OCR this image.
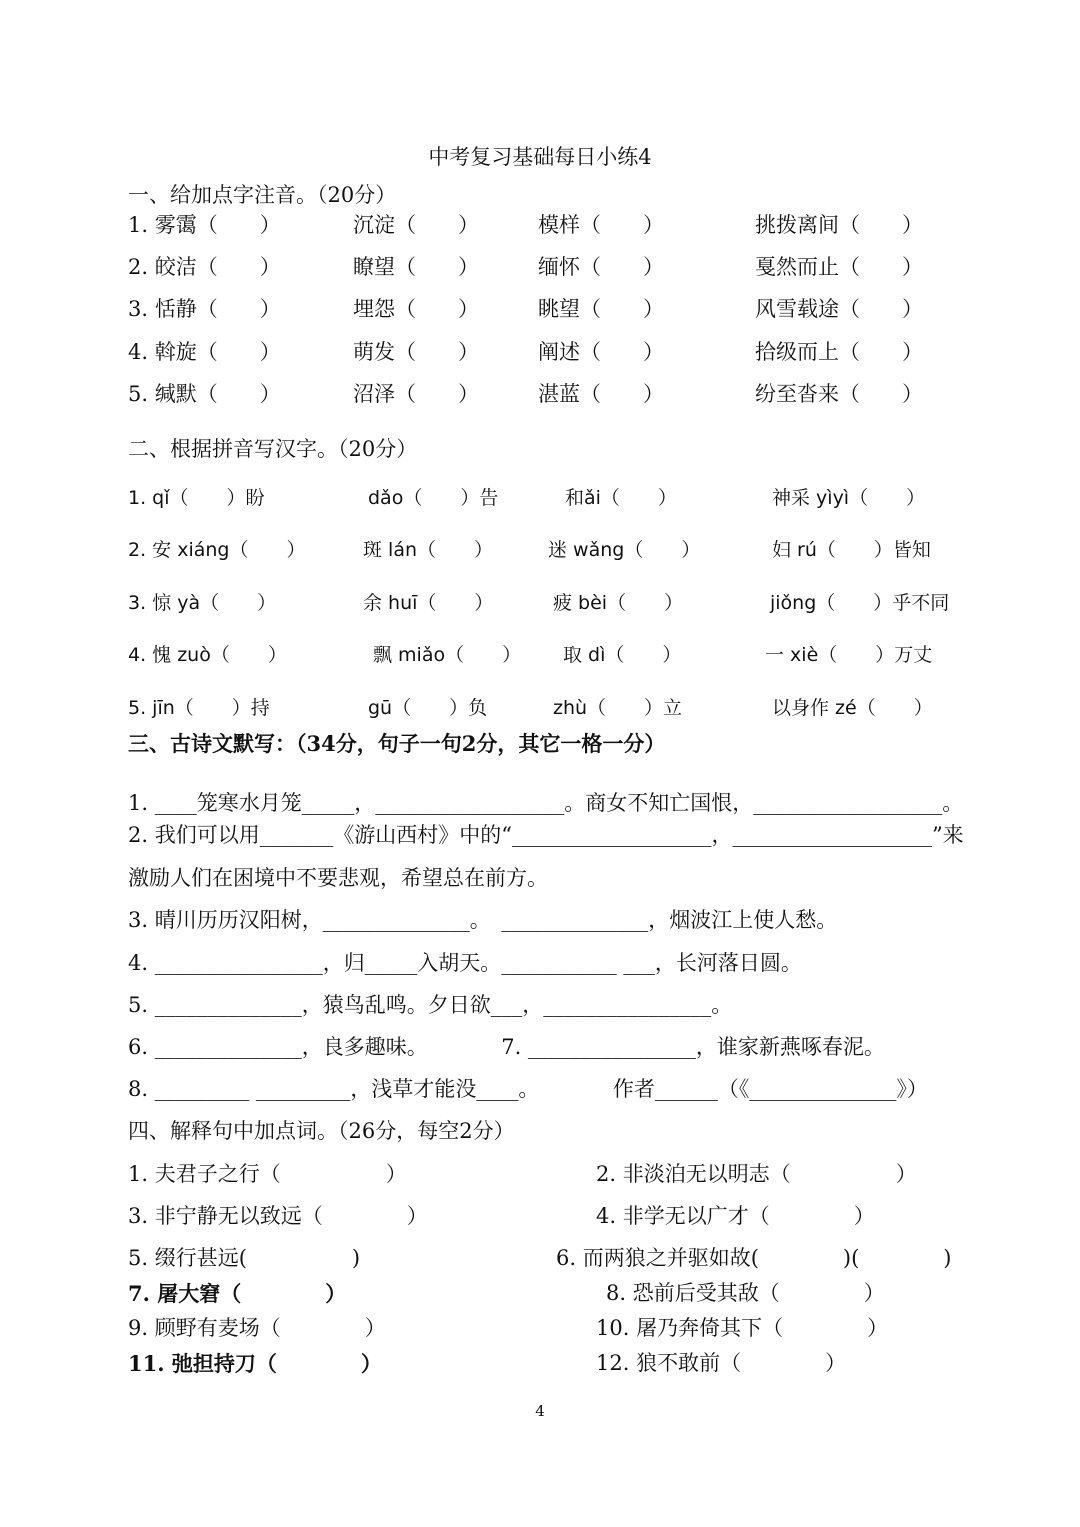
中考复习基础每日小练4
一、给加点字注音。（20分）
1. 雾霭（　　）	沉淀（　　）	模样（　　）	挑拨离间（　　）
2. 皎洁（　　）	瞭望（　　）	缅怀（　　）	戛然而止（　　）
3. 恬静（　　）	埋怨（　　）	眺望（　　）	风雪载途（　　）
4. 斡旋（　　）	萌发（　　）	阐述（　　）	拾级而上（　　）
5. 缄默（　　）	沼泽（　　）	湛蓝（　　）	纷至沓来（　　）
二、根据拼音写汉字。（20分）
1. qǐ（　　）盼	dǎo（　　）告	和ǎi（　　）	神采 yìyì（　　）
2. 安 xiáng（　　）	斑 lán（　　）	迷 wǎng（　　）	妇 rú（　　）皆知
3. 惊 yà（　　）	余 huī（　　）	疲 bèi（　　）	jiǒng（　　）乎不同
4. 愧 zuò（　　）	飘 miǎo（　　） 取 dì（　　）	一 xiè（　　）万丈
5. jīn（　　）持	gū（　　）负	zhù（　　）立	以身作 zé（　　）
三、古诗文默写：（34分，句子一句2分，其它一格一分）
1. ____笼寒水月笼_____，__________________。商女不知亡国恨，__________________。
2. 我们可以用_______《游山西村》中的“___________________，___________________”来
激励人们在困境中不要悲观，希望总在前方。
3. 晴川历历汉阳树，______________。　______________，烟波江上使人愁。
4. ________________，归_____入胡天。___________ ___，长河落日圆。
5. ______________，猿鸟乱鸣。夕日欲___，________________。
6. ______________，良多趣味。　　　　7. ________________，谁家新燕啄春泥。
8. _________ _________，浅草才能没____。　　　　作者______（《______________》）
四、解释句中加点词。（26分，每空2分）
1. 夫君子之行（　　　　　）	2. 非淡泊无以明志（　　　　　）
3. 非宁静无以致远（　　　　）	4. 非学无以广才（　　　　）
5. 缀行甚远(　　　　　)	6. 而两狼之并驱如故(　　　　)(　　　　)
7. 屠大窘（　　　　）	8. 恐前后受其敌（　　　　）
9. 顾野有麦场（　　　　）	10. 屠乃奔倚其下（　　　　）
11. 弛担持刀（　　　　）	12. 狼不敢前（　　　　）
4
